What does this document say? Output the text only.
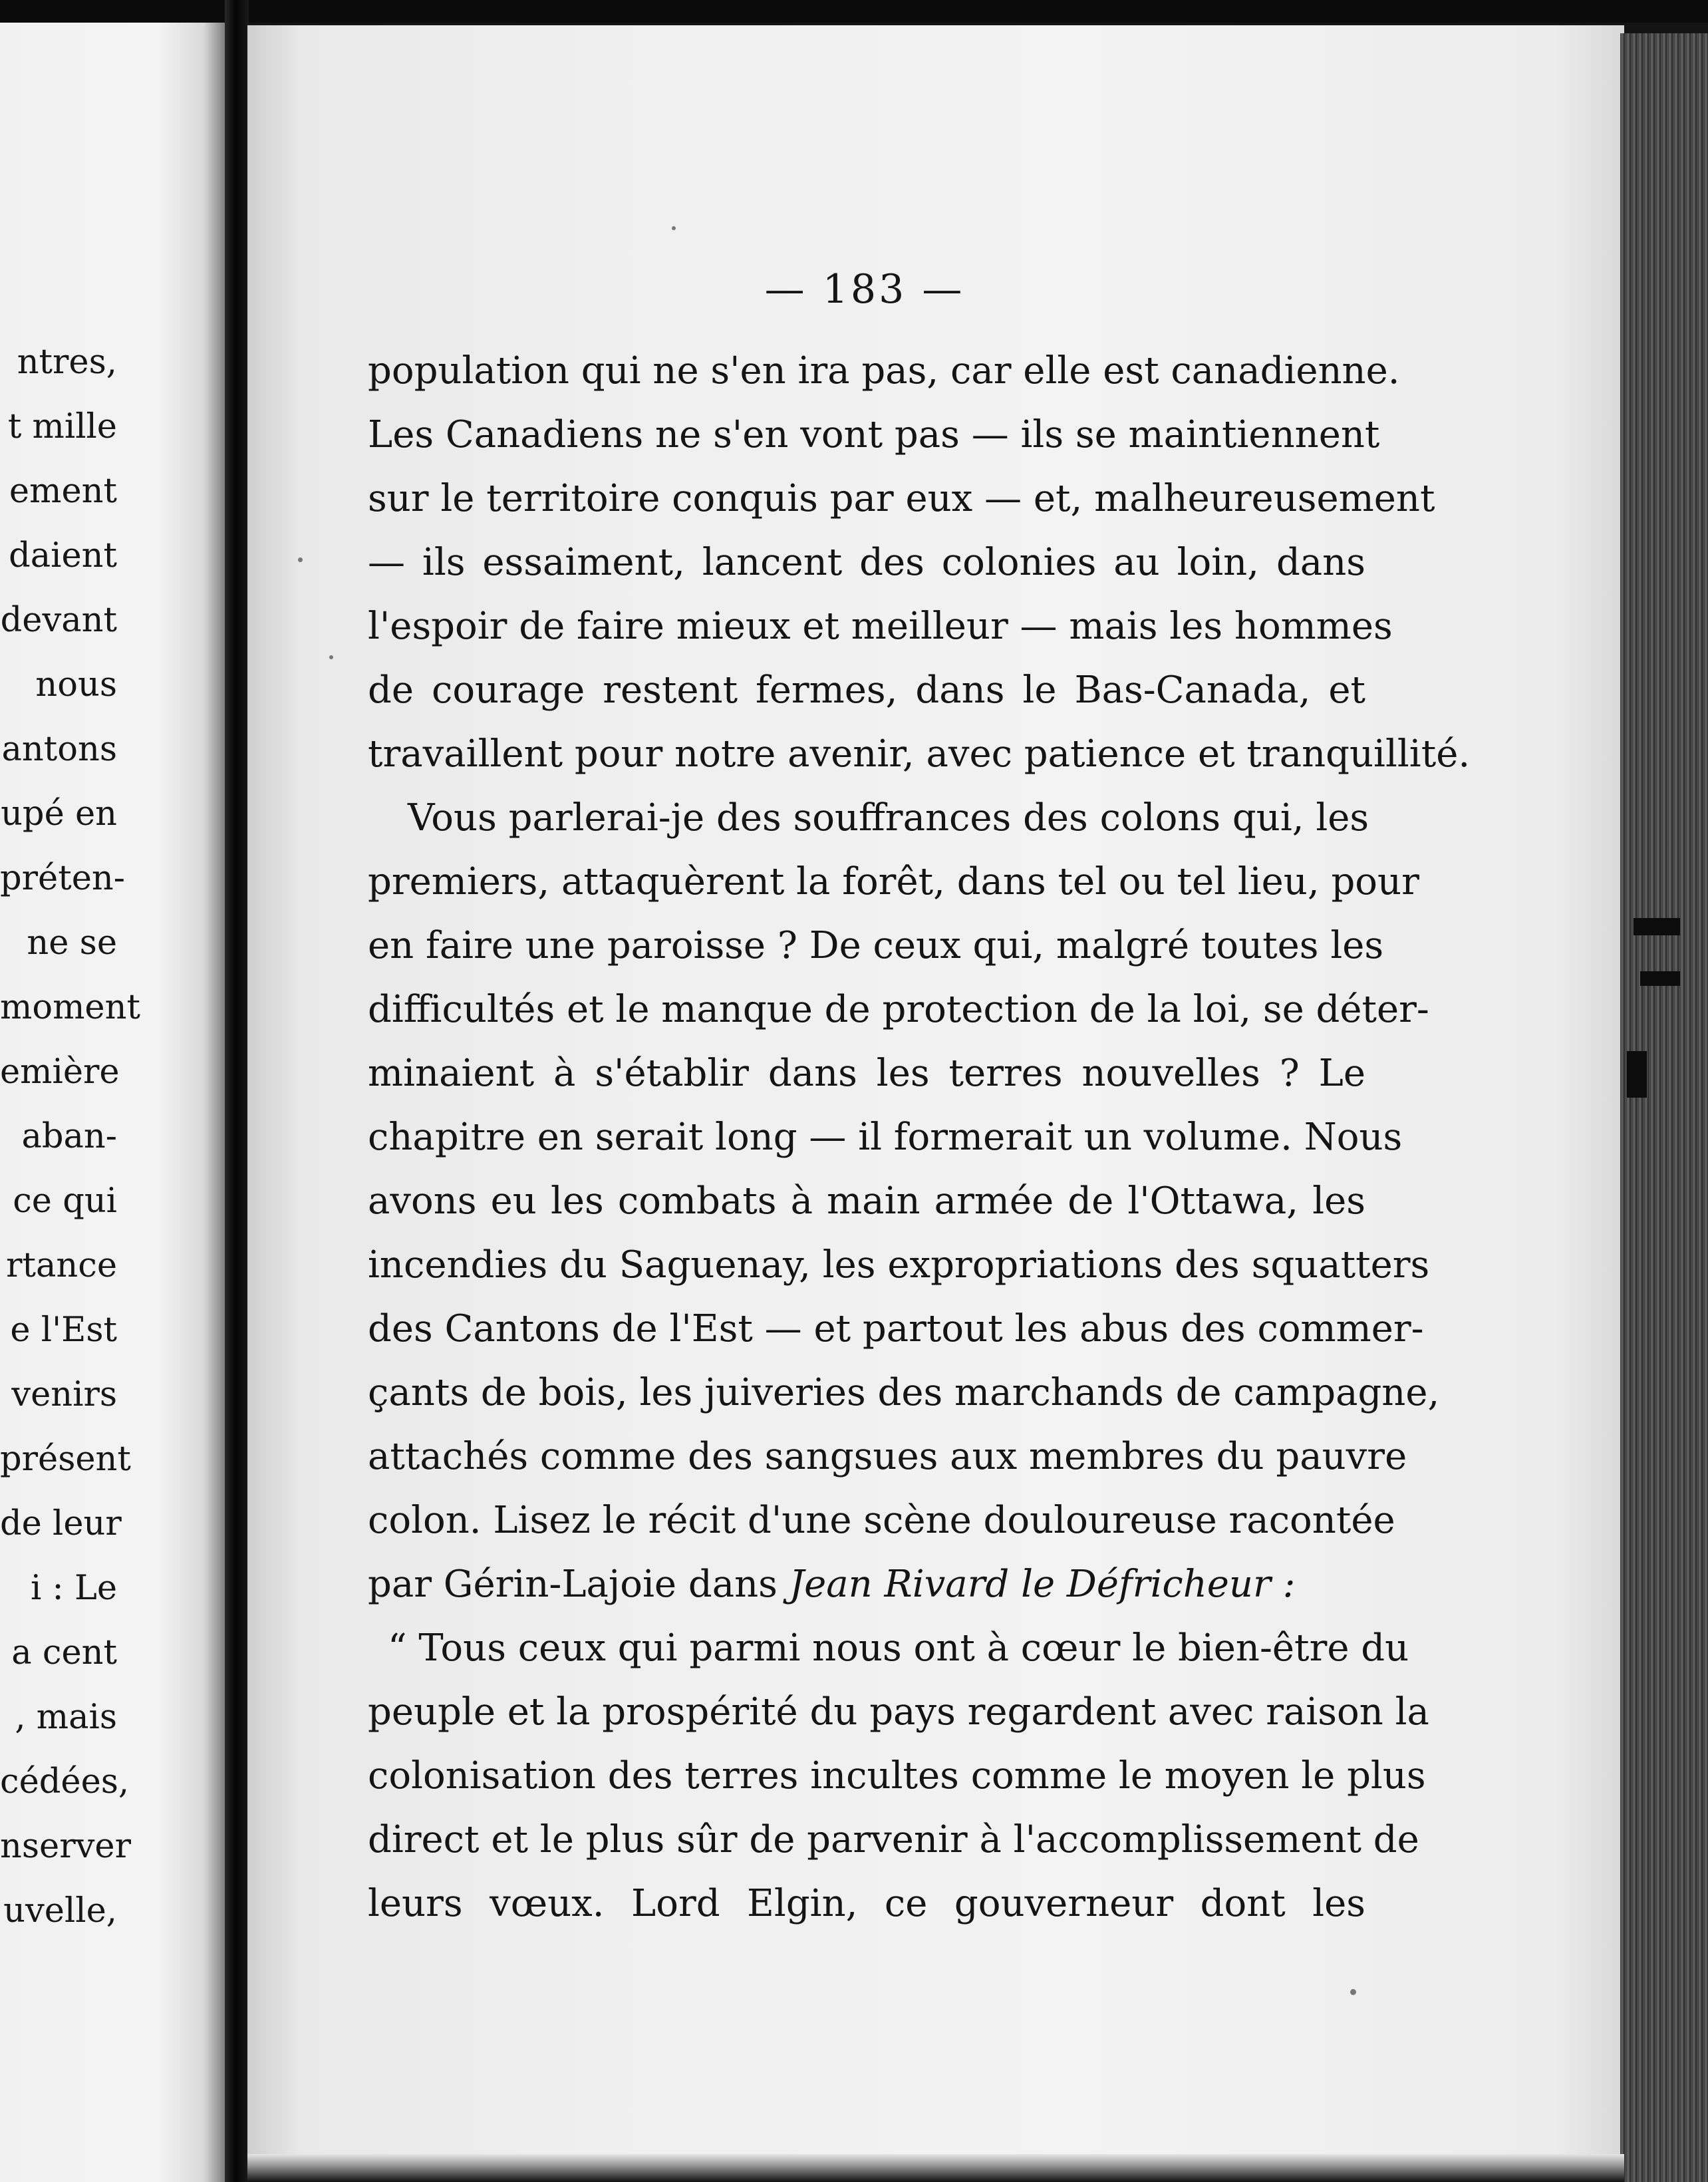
ntres,
t mille
ement
daient
devant
nous
antons
upé en
préten-
ne se
moment
emière
aban-
ce qui
rtance
e l'Est
venirs
présent
de leur
i : Le
a cent
, mais
cédées,
nserver
uvelle,
— 183 —
population qui ne s'en ira pas, car elle est canadienne.
Les Canadiens ne s'en vont pas — ils se maintiennent
sur le territoire conquis par eux — et, malheureusement
— ils essaiment, lancent des colonies au loin, dans
l'espoir de faire mieux et meilleur — mais les hommes
de courage restent fermes, dans le Bas-Canada, et
travaillent pour notre avenir, avec patience et tranquillité.
Vous parlerai-je des souffrances des colons qui, les
premiers, attaquèrent la forêt, dans tel ou tel lieu, pour
en faire une paroisse ? De ceux qui, malgré toutes les
difficultés et le manque de protection de la loi, se déter-
minaient à s'établir dans les terres nouvelles ? Le
chapitre en serait long — il formerait un volume. Nous
avons eu les combats à main armée de l'Ottawa, les
incendies du Saguenay, les expropriations des squatters
des Cantons de l'Est — et partout les abus des commer-
çants de bois, les juiveries des marchands de campagne,
attachés comme des sangsues aux membres du pauvre
colon. Lisez le récit d'une scène douloureuse racontée
par Gérin-Lajoie dans Jean Rivard le Défricheur :
“ Tous ceux qui parmi nous ont à cœur le bien-être du
peuple et la prospérité du pays regardent avec raison la
colonisation des terres incultes comme le moyen le plus
direct et le plus sûr de parvenir à l'accomplissement de
leurs vœux. Lord Elgin, ce gouverneur dont les
